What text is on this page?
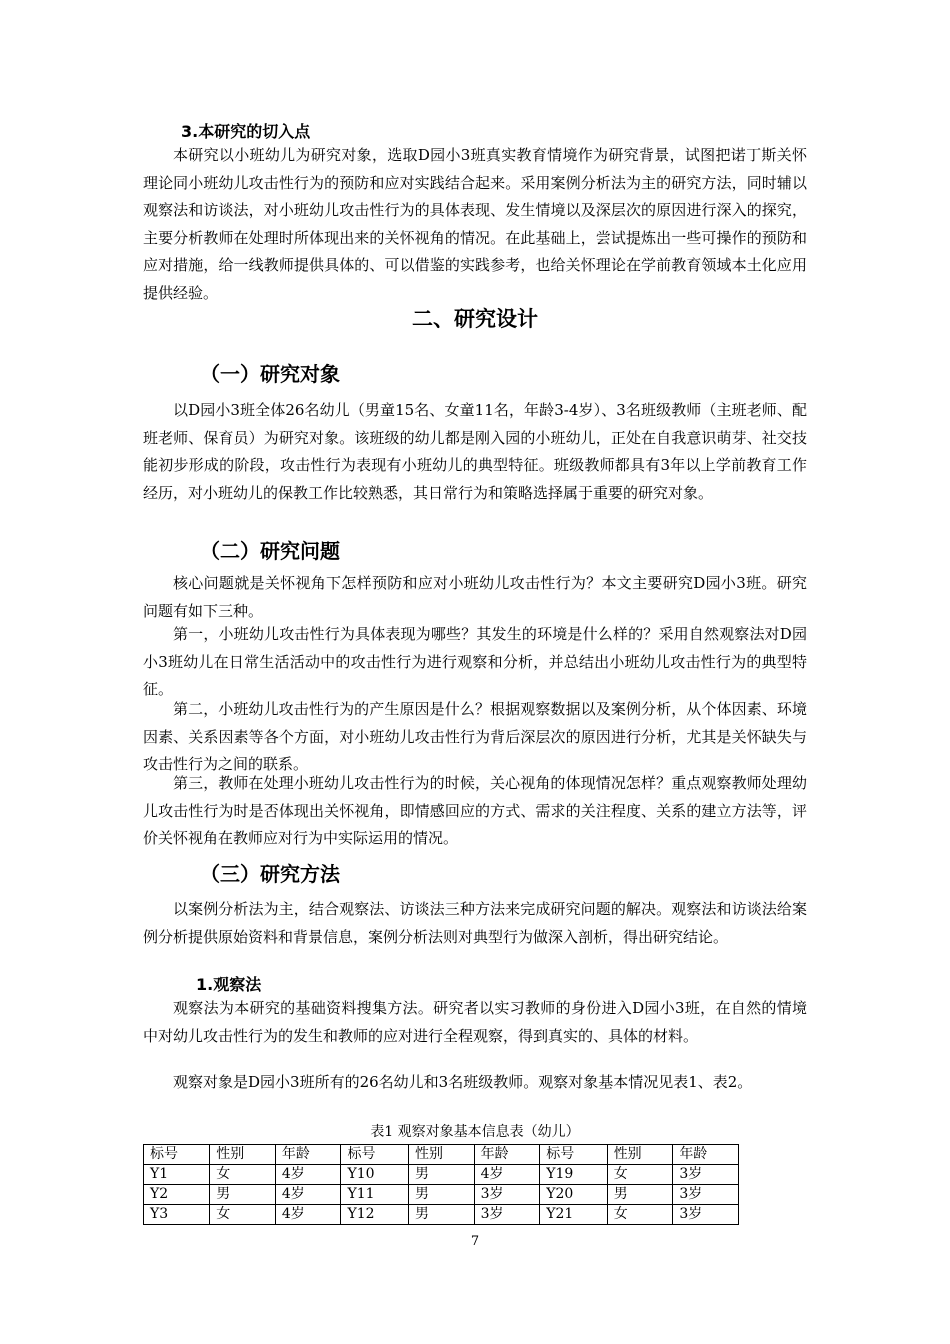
3.本研究的切入点

本研究以小班幼儿为研究对象，选取D园小3班真实教育情境作为研究背景，试图把诺丁斯关怀理论同小班幼儿攻击性行为的预防和应对实践结合起来。采用案例分析法为主的研究方法，同时辅以观察法和访谈法，对小班幼儿攻击性行为的具体表现、发生情境以及深层次的原因进行深入的探究，主要分析教师在处理时所体现出来的关怀视角的情况。在此基础上，尝试提炼出一些可操作的预防和应对措施，给一线教师提供具体的、可以借鉴的实践参考，也给关怀理论在学前教育领域本土化应用提供经验。

二、研究设计

（一）研究对象

以D园小3班全体26名幼儿（男童15名、女童11名，年龄3-4岁）、3名班级教师（主班老师、配班老师、保育员）为研究对象。该班级的幼儿都是刚入园的小班幼儿，正处在自我意识萌芽、社交技能初步形成的阶段，攻击性行为表现有小班幼儿的典型特征。班级教师都具有3年以上学前教育工作经历，对小班幼儿的保教工作比较熟悉，其日常行为和策略选择属于重要的研究对象。

（二）研究问题

核心问题就是关怀视角下怎样预防和应对小班幼儿攻击性行为？本文主要研究D园小3班。研究问题有如下三种。

第一，小班幼儿攻击性行为具体表现为哪些？其发生的环境是什么样的？采用自然观察法对D园小3班幼儿在日常生活活动中的攻击性行为进行观察和分析，并总结出小班幼儿攻击性行为的典型特征。

第二，小班幼儿攻击性行为的产生原因是什么？根据观察数据以及案例分析，从个体因素、环境因素、关系因素等各个方面，对小班幼儿攻击性行为背后深层次的原因进行分析，尤其是关怀缺失与攻击性行为之间的联系。

第三，教师在处理小班幼儿攻击性行为的时候，关心视角的体现情况怎样？重点观察教师处理幼儿攻击性行为时是否体现出关怀视角，即情感回应的方式、需求的关注程度、关系的建立方法等，评价关怀视角在教师应对行为中实际运用的情况。

（三）研究方法

以案例分析法为主，结合观察法、访谈法三种方法来完成研究问题的解决。观察法和访谈法给案例分析提供原始资料和背景信息，案例分析法则对典型行为做深入剖析，得出研究结论。

1.观察法

观察法为本研究的基础资料搜集方法。研究者以实习教师的身份进入D园小3班，在自然的情境中对幼儿攻击性行为的发生和教师的应对进行全程观察，得到真实的、具体的材料。

观察对象是D园小3班所有的26名幼儿和3名班级教师。观察对象基本情况见表1、表2。

表1 观察对象基本信息表（幼儿）

标号	性别	年龄	标号	性别	年龄	标号	性别	年龄
Y1	女	4岁	Y10	男	4岁	Y19	女	3岁
Y2	男	4岁	Y11	男	3岁	Y20	男	3岁
Y3	女	4岁	Y12	男	3岁	Y21	女	3岁
7
